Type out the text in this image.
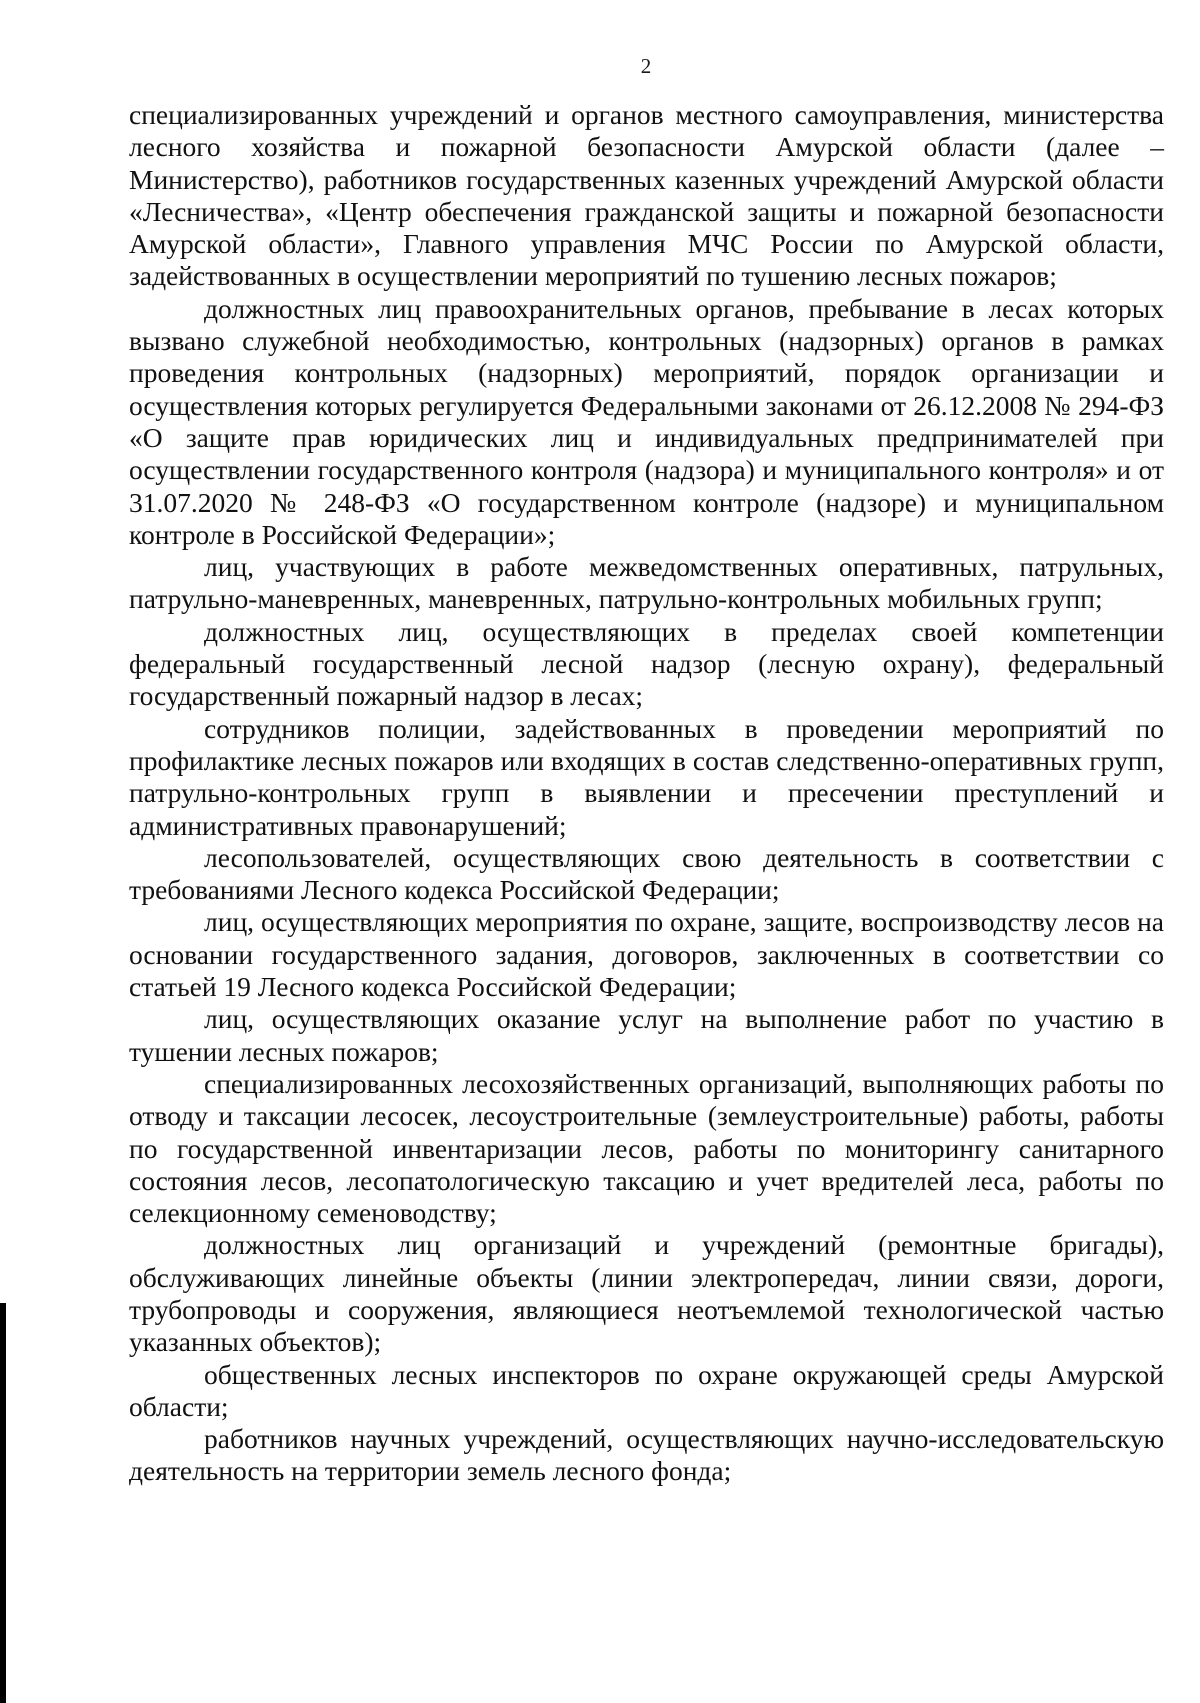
2

специализированных учреждений и органов местного самоуправления, министерства лесного хозяйства и пожарной безопасности Амурской области (далее – Министерство), работников государственных казенных учреждений Амурской области «Лесничества», «Центр обеспечения гражданской защиты и пожарной безопасности Амурской области», Главного управления МЧС России по Амурской области, задействованных в осуществлении мероприятий по тушению лесных пожаров;

должностных лиц правоохранительных органов, пребывание в лесах которых вызвано служебной необходимостью, контрольных (надзорных) органов в рамках проведения контрольных (надзорных) мероприятий, порядок организации и осуществления которых регулируется Федеральными законами от 26.12.2008 № 294-ФЗ «О защите прав юридических лиц и индивидуальных предпринимателей при осуществлении государственного контроля (надзора) и муниципального контроля» и от 31.07.2020 № 248-ФЗ «О государственном контроле (надзоре) и муниципальном контроле в Российской Федерации»;

лиц, участвующих в работе межведомственных оперативных, патрульных, патрульно-маневренных, маневренных, патрульно-контрольных мобильных групп;

должностных лиц, осуществляющих в пределах своей компетенции федеральный государственный лесной надзор (лесную охрану), федеральный государственный пожарный надзор в лесах;

сотрудников полиции, задействованных в проведении мероприятий по профилактике лесных пожаров или входящих в состав следственно-оперативных групп, патрульно-контрольных групп в выявлении и пресечении преступлений и административных правонарушений;

лесопользователей, осуществляющих свою деятельность в соответствии с требованиями Лесного кодекса Российской Федерации;

лиц, осуществляющих мероприятия по охране, защите, воспроизводству лесов на основании государственного задания, договоров, заключенных в соответствии со статьей 19 Лесного кодекса Российской Федерации;

лиц, осуществляющих оказание услуг на выполнение работ по участию в тушении лесных пожаров;

специализированных лесохозяйственных организаций, выполняющих работы по отводу и таксации лесосек, лесоустроительные (землеустроительные) работы, работы по государственной инвентаризации лесов, работы по мониторингу санитарного состояния лесов, лесопатологическую таксацию и учет вредителей леса, работы по селекционному семеноводству;

должностных лиц организаций и учреждений (ремонтные бригады), обслуживающих линейные объекты (линии электропередач, линии связи, дороги, трубопроводы и сооружения, являющиеся неотъемлемой технологической частью указанных объектов);

общественных лесных инспекторов по охране окружающей среды Амурской области;

работников научных учреждений, осуществляющих научно-исследовательскую деятельность на территории земель лесного фонда;
